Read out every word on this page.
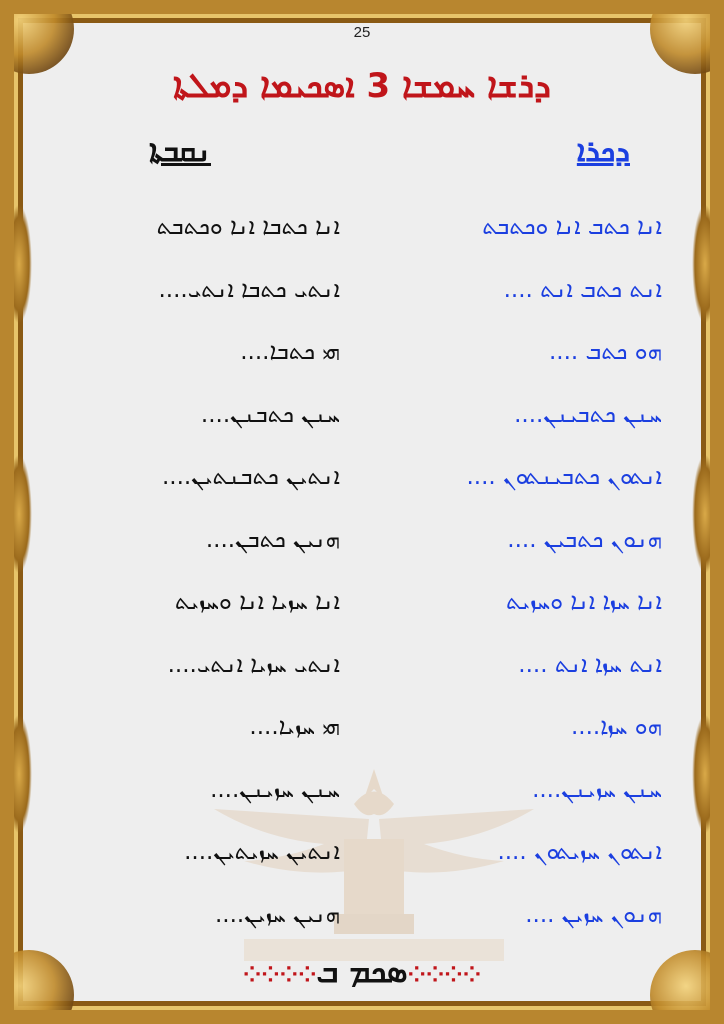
25
ܕܪܫܐ ܚܡܫܐ 3 ܐܣܟܝܡܐ ܕܡܠܬܐ
ܕܟܪܐ
ܢܩܒܬܐ
ܐܢܐ ܟܬܒ ܐܢܐ ܘܟܬܒܬ
ܐܢܐ ܟܬܒܐ ܐܢܐ ܘܟܬܒܬ
ܐܢܬ ܟܬܒ ܐܢܬ ....
ܐܢܬܝ ܟܬܒܐ ܐܢܬܝ....
ܗܘ ܟܬܒ ....
ܗܝ ܟܬܒܐ....
ܚܢܢ ܟܬܒܝܢܢ....
ܚܢܢ ܟܬܒܢܢ....
ܐܢܬܘܢ ܟܬܒܝܢܬܘܢ ....
ܐܢܬܝܢ ܟܬܒܢܬܝܢ....
ܗܢܘܢ ܟܬܒܝܢ ....
ܗܢܝܢ ܟܬܒܢ....
ܐܢܐ ܚܙܐ ܐܢܐ ܘܚܙܝܬ
ܐܢܐ ܚܙܝܐ ܐܢܐ ܘܚܙܝܬ
ܐܢܬ ܚܙܐ ܐܢܬ ....
ܐܢܬܝ ܚܙܝܐ ܐܢܬܝ....
ܗܘ ܚܙܐ....
ܗܝ ܚܙܝܐ....
ܚܢܢ ܚܙܝܢܢ....
ܚܢܢ ܚܙܝܢܢ....
ܐܢܬܘܢ ܚܙܝܬܘܢ ....
ܐܢܬܝܢ ܚܙܝܬܝܢ....
ܗܢܘܢ ܚܙܝܢ ....
ܗܢܝܢ ܚܙܝܢ....
⁘⁘⁘⁘ܣܟܡ ܒ⁘⁘⁘⁘
